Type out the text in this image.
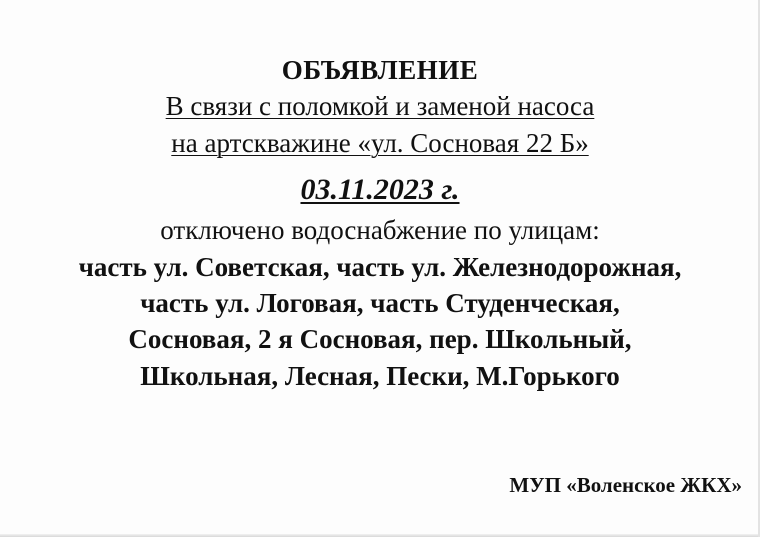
ОБЪЯВЛЕНИЕ
В связи с поломкой и заменой насоса
на артскважине «ул. Сосновая 22 Б»
03.11.2023 г.
отключено водоснабжение по улицам:
часть ул. Советская, часть ул. Железнодорожная,
часть ул. Логовая, часть Студенческая,
Сосновая, 2 я Сосновая, пер. Школьный,
Школьная, Лесная, Пески, М.Горького
МУП «Воленское ЖКХ»
